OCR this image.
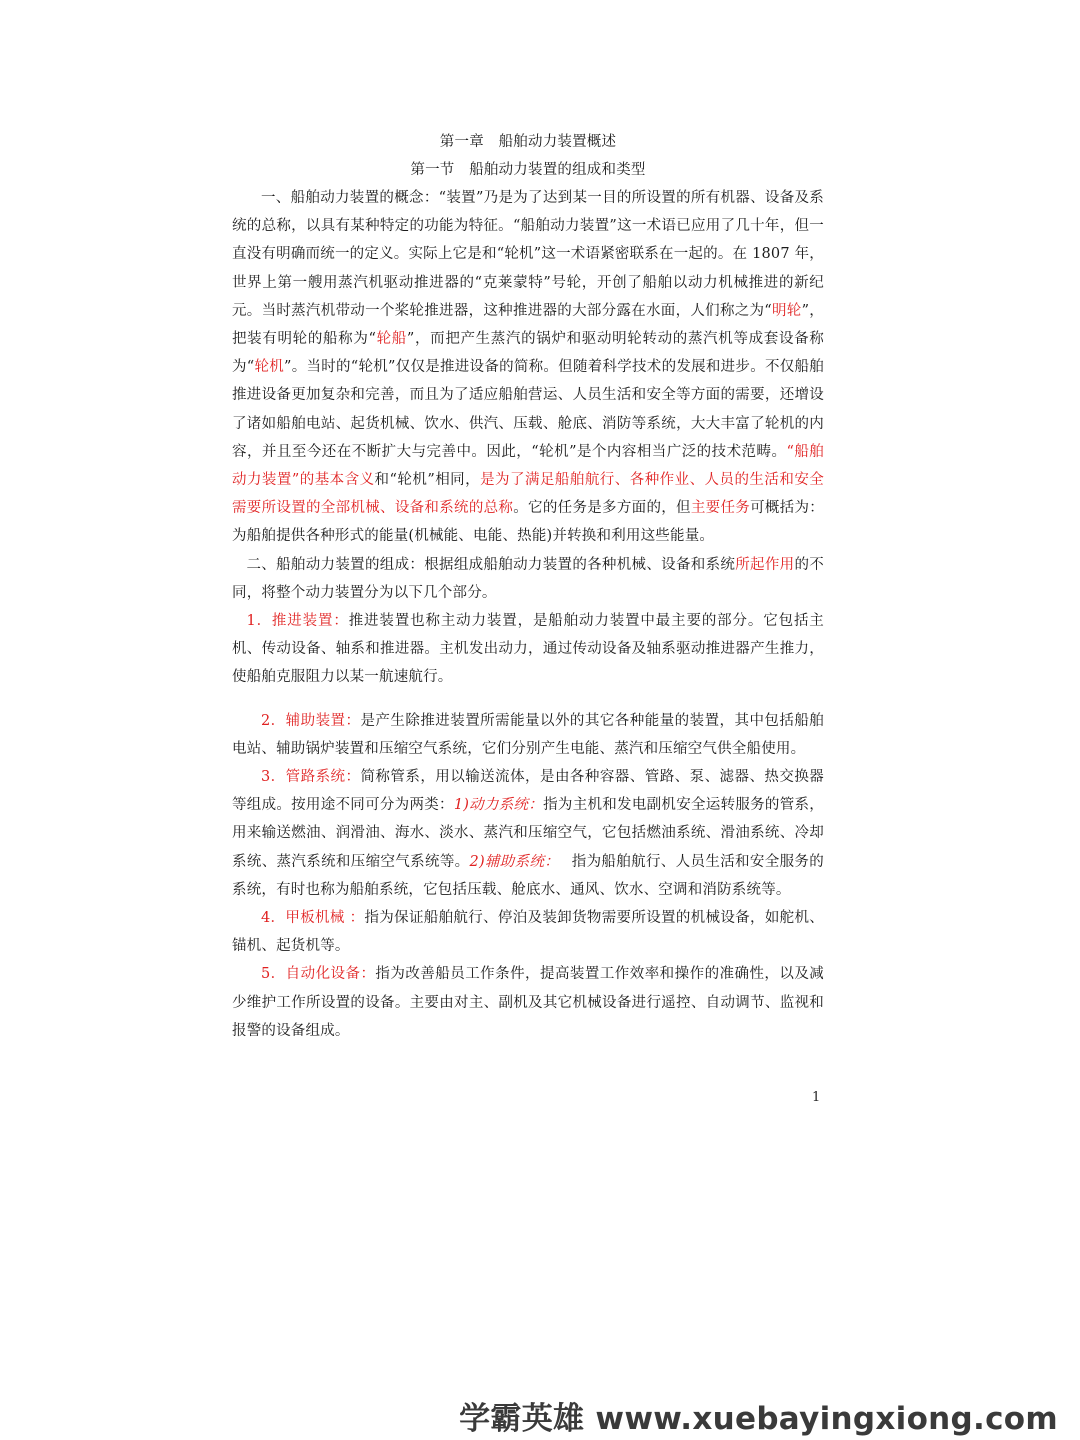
第一章　船舶动力装置概述
第一节　船舶动力装置的组成和类型

一、船舶动力装置的概念：“装置”乃是为了达到某一目的所设置的所有机器、设备及系统的总称，以具有某种特定的功能为特征。“船舶动力装置”这一术语已应用了几十年，但一直没有明确而统一的定义。实际上它是和“轮机”这一术语紧密联系在一起的。在 1807 年，世界上第一艘用蒸汽机驱动推进器的“克莱蒙特”号轮，开创了船舶以动力机械推进的新纪元。当时蒸汽机带动一个桨轮推进器，这种推进器的大部分露在水面，人们称之为“明轮”，把装有明轮的船称为“轮船”，而把产生蒸汽的锅炉和驱动明轮转动的蒸汽机等成套设备称为“轮机”。当时的“轮机”仅仅是推进设备的简称。但随着科学技术的发展和进步。不仅船舶推进设备更加复杂和完善，而且为了适应船舶营运、人员生活和安全等方面的需要，还增设了诸如船舶电站、起货机械、饮水、供汽、压载、舱底、消防等系统，大大丰富了轮机的内容，并且至今还在不断扩大与完善中。因此，“轮机”是个内容相当广泛的技术范畴。“船舶动力装置”的基本含义和“轮机”相同，是为了满足船舶航行、各种作业、人员的生活和安全需要所设置的全部机械、设备和系统的总称。它的任务是多方面的，但主要任务可概括为：为船舶提供各种形式的能量(机械能、电能、热能)并转换和利用这些能量。

二、船舶动力装置的组成：根据组成船舶动力装置的各种机械、设备和系统所起作用的不同，将整个动力装置分为以下几个部分。

1．推进装置：推进装置也称主动力装置，是船舶动力装置中最主要的部分。它包括主机、传动设备、轴系和推进器。主机发出动力，通过传动设备及轴系驱动推进器产生推力，使船舶克服阻力以某一航速航行。

2．辅助装置：是产生除推进装置所需能量以外的其它各种能量的装置，其中包括船舶电站、辅助锅炉装置和压缩空气系统，它们分别产生电能、蒸汽和压缩空气供全船使用。

3．管路系统：简称管系，用以输送流体，是由各种容器、管路、泵、滤器、热交换器等组成。按用途不同可分为两类：1)动力系统：指为主机和发电副机安全运转服务的管系，用来输送燃油、润滑油、海水、淡水、蒸汽和压缩空气，它包括燃油系统、滑油系统、冷却系统、蒸汽系统和压缩空气系统等。2)辅助系统：　 指为船舶航行、人员生活和安全服务的系统，有时也称为船舶系统，它包括压载、舱底水、通风、饮水、空调和消防系统等。

4．甲板机械 ：指为保证船舶航行、停泊及装卸货物需要所设置的机械设备，如舵机、锚机、起货机等。

5．自动化设备：指为改善船员工作条件，提高装置工作效率和操作的准确性，以及减少维护工作所设置的设备。主要由对主、副机及其它机械设备进行遥控、自动调节、监视和报警的设备组成。

1
学霸英雄 www.xuebayingxiong.com
